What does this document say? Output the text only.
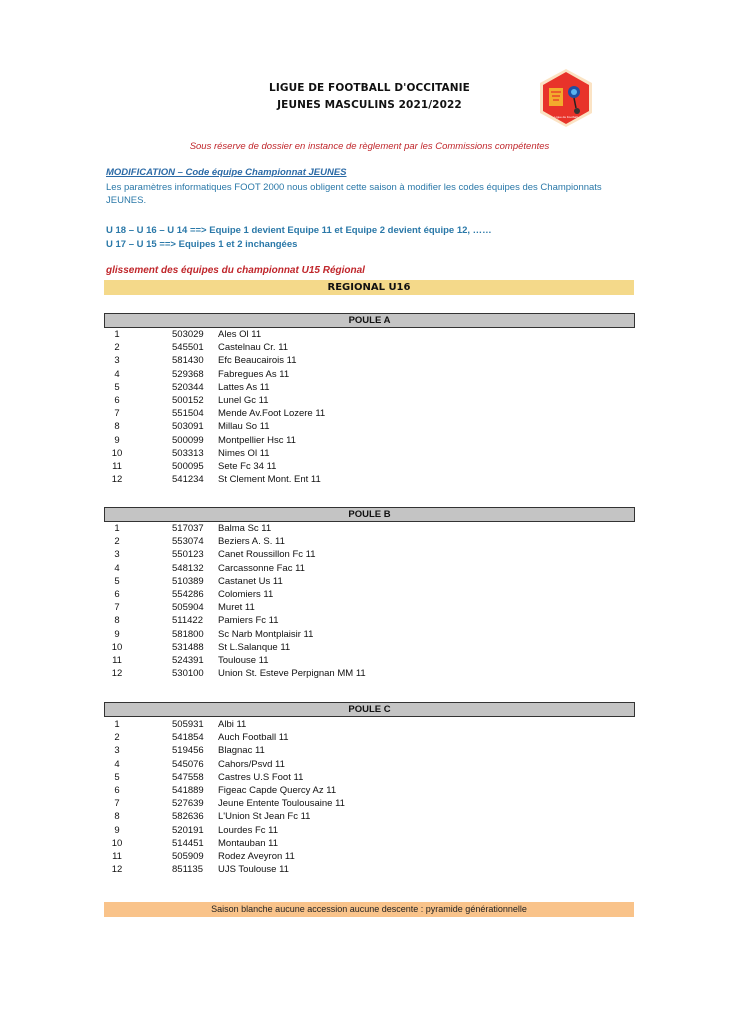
LIGUE DE FOOTBALL D'OCCITANIE
JEUNES MASCULINS 2021/2022
Ligue de Football
Sous réserve de dossier en instance de règlement par les Commissions compétentes
MODIFICATION – Code équipe Championnat JEUNES
Les paramètres informatiques FOOT 2000 nous obligent cette saison à modifier les codes équipes des Championnats JEUNES.
U 18 – U 16 – U 14 ==> Equipe 1 devient Equipe 11 et Equipe 2 devient équipe 12, ……
U 17 – U 15 ==> Equipes 1 et 2 inchangées
glissement des équipes du championnat U15 Régional
REGIONAL U16
POULE A
1	503029 Ales Ol 11
2	545501 Castelnau Cr. 11
3	581430 Efc Beaucairois 11
4	529368 Fabregues As 11
5	520344 Lattes As 11
6	500152 Lunel Gc 11
7	551504 Mende Av.Foot Lozere 11
8	503091 Millau So 11
9	500099 Montpellier Hsc 11
10	503313 Nimes Ol 11
11	500095 Sete Fc 34 11
12	541234 St Clement Mont. Ent 11
POULE B
1	517037 Balma Sc 11
2	553074 Beziers A. S. 11
3	550123 Canet Roussillon Fc 11
4	548132 Carcassonne Fac 11
5	510389 Castanet Us 11
6	554286 Colomiers 11
7	505904 Muret 11
8	511422 Pamiers Fc 11
9	581800 Sc Narb Montplaisir 11
10	531488 St L.Salanque 11
11	524391 Toulouse 11
12	530100 Union St. Esteve Perpignan MM 11
POULE C
1	505931 Albi 11
2	541854 Auch Football 11
3	519456 Blagnac 11
4	545076 Cahors/Psvd 11
5	547558 Castres U.S Foot 11
6	541889 Figeac Capde Quercy Az 11
7	527639 Jeune Entente Toulousaine 11
8	582636 L'Union St Jean Fc 11
9	520191 Lourdes Fc 11
10	514451 Montauban 11
11	505909 Rodez Aveyron 11
12	851135 UJS Toulouse 11
Saison blanche aucune accession aucune descente : pyramide générationnelle
